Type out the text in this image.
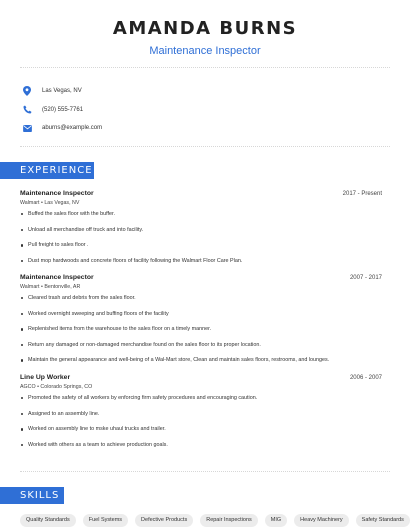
AMANDA BURNS
Maintenance Inspector
Las Vegas, NV
(520) 555-7761
aburns@example.com
EXPERIENCE
Maintenance Inspector	2017 - Present
Walmart • Las Vegas, NV
Buffed the sales floor with the buffer.
Unload all merchandise off truck and into facility.
Pull freight to sales floor .
Dust mop hardwoods and concrete floors of facility following the Walmart Floor Care Plan.
Maintenance Inspector	2007 - 2017
Walmart • Bentonville, AR
Cleared trash and debris from the sales floor.
Worked overnight sweeping and buffing floors of the facility
Replenished items from the warehouse to the sales floor on a timely manner.
Return any damaged or non-damaged merchandise found on the sales floor to its proper location.
Maintain the general appearance and well-being of a Wal-Mart store, Clean and maintain sales floors, restrooms, and lounges.
Line Up Worker	2006 - 2007
AGCO • Colorado Springs, CO
Promoted the safety of all workers by enforcing firm safety procedures and encouraging caution.
Assigned to an assembly line.
Worked on assembly line to mske uhaul trucks and trailer.
Worked with others as a team to achieve production goals.
SKILLS
Quality Standards	Fuel Systems	Defective Products	Repair Inspections	MIG	Heavy Machinery	Safety Standards
